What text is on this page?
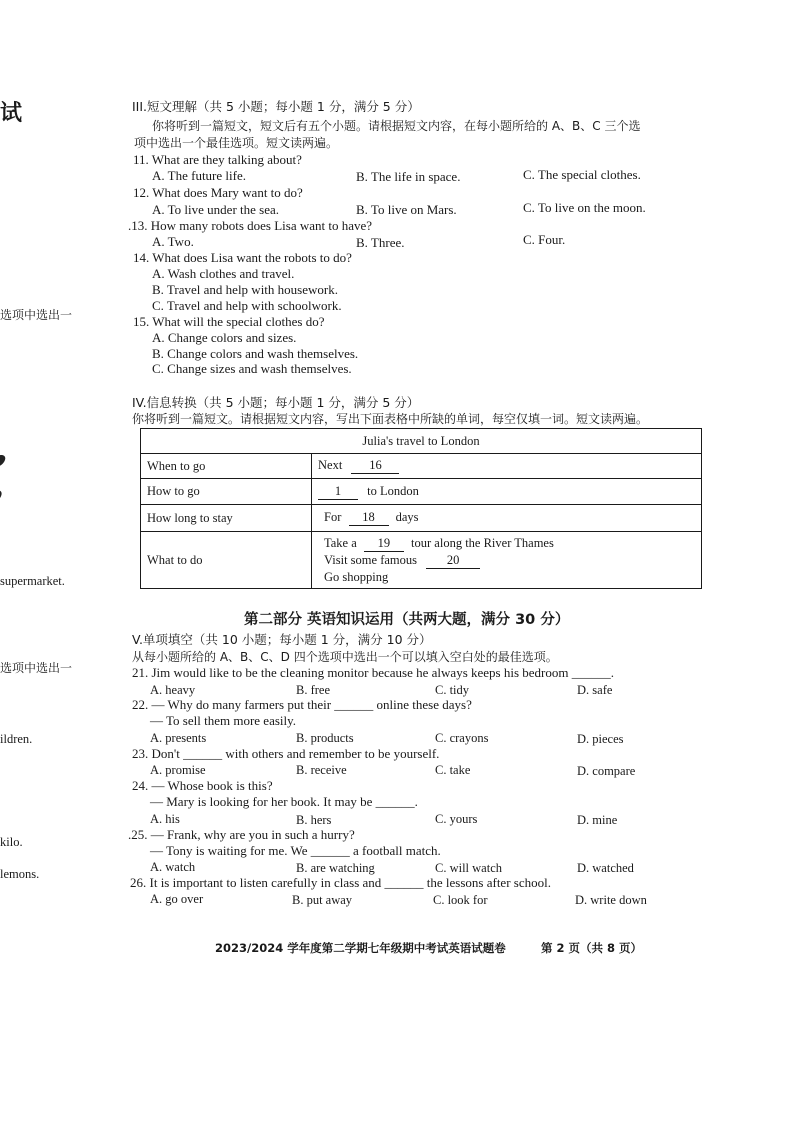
试
选项中选出一
supermarket.
选项中选出一
ildren.
kilo.
lemons.
III.短文理解（共 5 小题；每小题 1 分，满分 5 分）
你将听到一篇短文，短文后有五个小题。请根据短文内容，在每小题所给的 A、B、C 三个选
项中选出一个最佳选项。短文读两遍。
11. What are they talking about?
A. The future life.	B. The life in space.	C. The special clothes.
12. What does Mary want to do?
A. To live under the sea.	B. To live on Mars.	C. To live on the moon.
.13. How many robots does Lisa want to have?
A. Two.	B. Three.	C. Four.
14. What does Lisa want the robots to do?
A. Wash clothes and travel.
B. Travel and help with housework.
C. Travel and help with schoolwork.
15. What will the special clothes do?
A. Change colors and sizes.
B. Change colors and wash themselves.
C. Change sizes and wash themselves.
IV.信息转换（共 5 小题；每小题 1 分，满分 5 分）
你将听到一篇短文。请根据短文内容，写出下面表格中所缺的单词，每空仅填一词。短文读两遍。
Julia's travel to London	
When to go	Next 16
How to go	1 to London
How long to stay	For 18 days
What to do	Take a 19 tour along the River Thames
Visit some famous 20
Go shopping
第二部分 英语知识运用（共两大题，满分 30 分）
V.单项填空（共 10 小题；每小题 1 分，满分 10 分）
从每小题所给的 A、B、C、D 四个选项中选出一个可以填入空白处的最佳选项。
21. Jim would like to be the cleaning monitor because he always keeps his bedroom ______.
A. heavy	B. free	C. tidy	D. safe
22. — Why do many farmers put their ______ online these days?
— To sell them more easily.
A. presents	B. products	C. crayons	D. pieces
23. Don't ______ with others and remember to be yourself.
A. promise	B. receive	C. take	D. compare
24. — Whose book is this?
— Mary is looking for her book. It may be ______.
A. his	B. hers	C. yours	D. mine
.25. — Frank, why are you in such a hurry?
— Tony is waiting for me. We ______ a football match.
A. watch	B. are watching	C. will watch	D. watched
26. It is important to listen carefully in class and ______ the lessons after school.
A. go over	B. put away	C. look for	D. write down
2023/2024 学年度第二学期七年级期中考试英语试题卷	第 2 页（共 8 页）
